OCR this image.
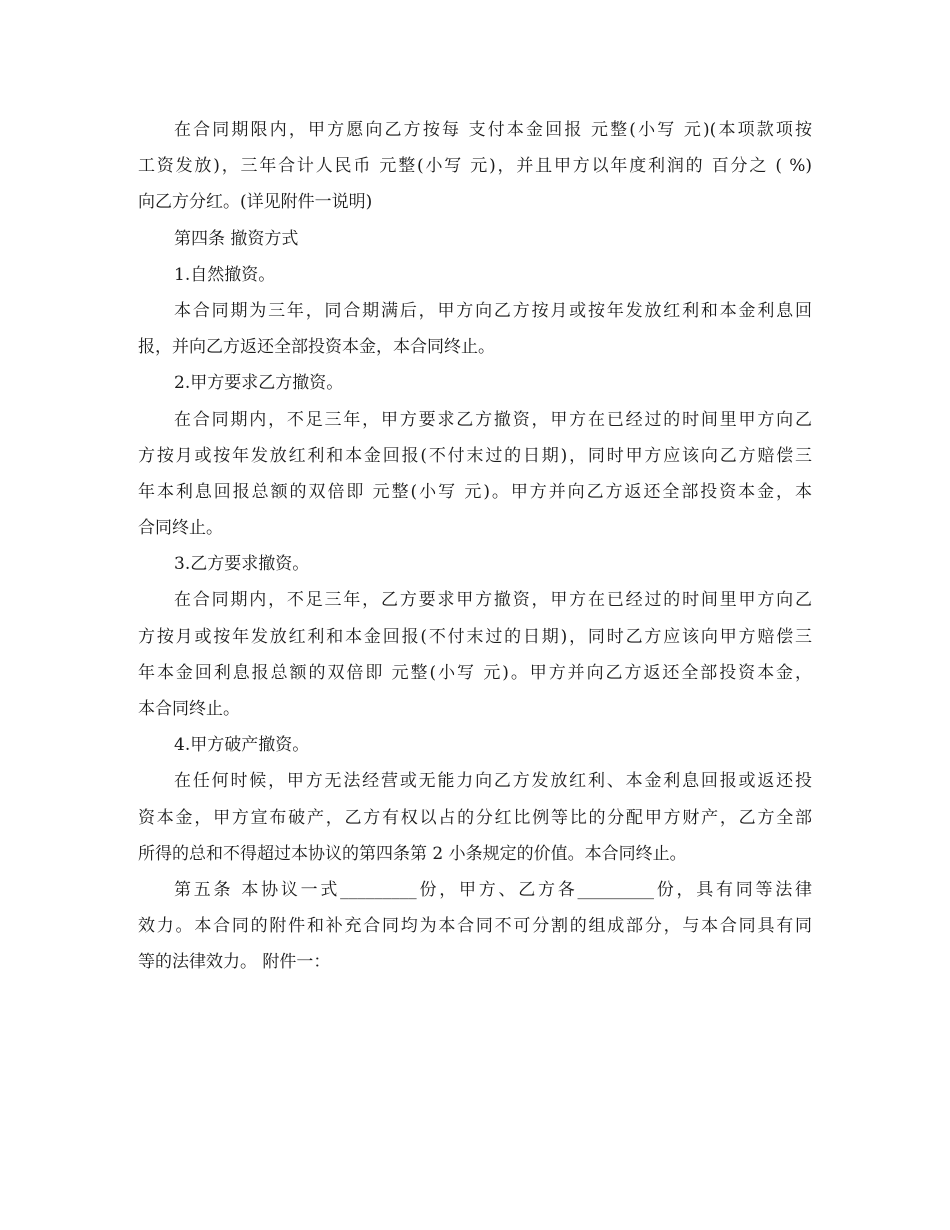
在合同期限内，甲方愿向乙方按每 支付本金回报 元整(小写 元)(本项款项按
工资发放)，三年合计人民币 元整(小写 元)，并且甲方以年度利润的 百分之 ( %)
向乙方分红。(详见附件一说明)
第四条 撤资方式
1.自然撤资。
本合同期为三年，同合期满后，甲方向乙方按月或按年发放红利和本金利息回
报，并向乙方返还全部投资本金，本合同终止。
2.甲方要求乙方撤资。
在合同期内，不足三年，甲方要求乙方撤资，甲方在已经过的时间里甲方向乙
方按月或按年发放红利和本金回报(不付末过的日期)，同时甲方应该向乙方赔偿三
年本利息回报总额的双倍即 元整(小写 元)。甲方并向乙方返还全部投资本金，本
合同终止。
3.乙方要求撤资。
在合同期内，不足三年，乙方要求甲方撤资，甲方在已经过的时间里甲方向乙
方按月或按年发放红利和本金回报(不付末过的日期)，同时乙方应该向甲方赔偿三
年本金回利息报总额的双倍即 元整(小写 元)。甲方并向乙方返还全部投资本金，
本合同终止。
4.甲方破产撤资。
在任何时候，甲方无法经营或无能力向乙方发放红利、本金利息回报或返还投
资本金，甲方宣布破产，乙方有权以占的分红比例等比的分配甲方财产，乙方全部
所得的总和不得超过本协议的第四条第 2 小条规定的价值。本合同终止。
第五条 本协议一式_________份，甲方、乙方各_________份，具有同等法律
效力。本合同的附件和补充合同均为本合同不可分割的组成部分，与本合同具有同
等的法律效力。 附件一：
